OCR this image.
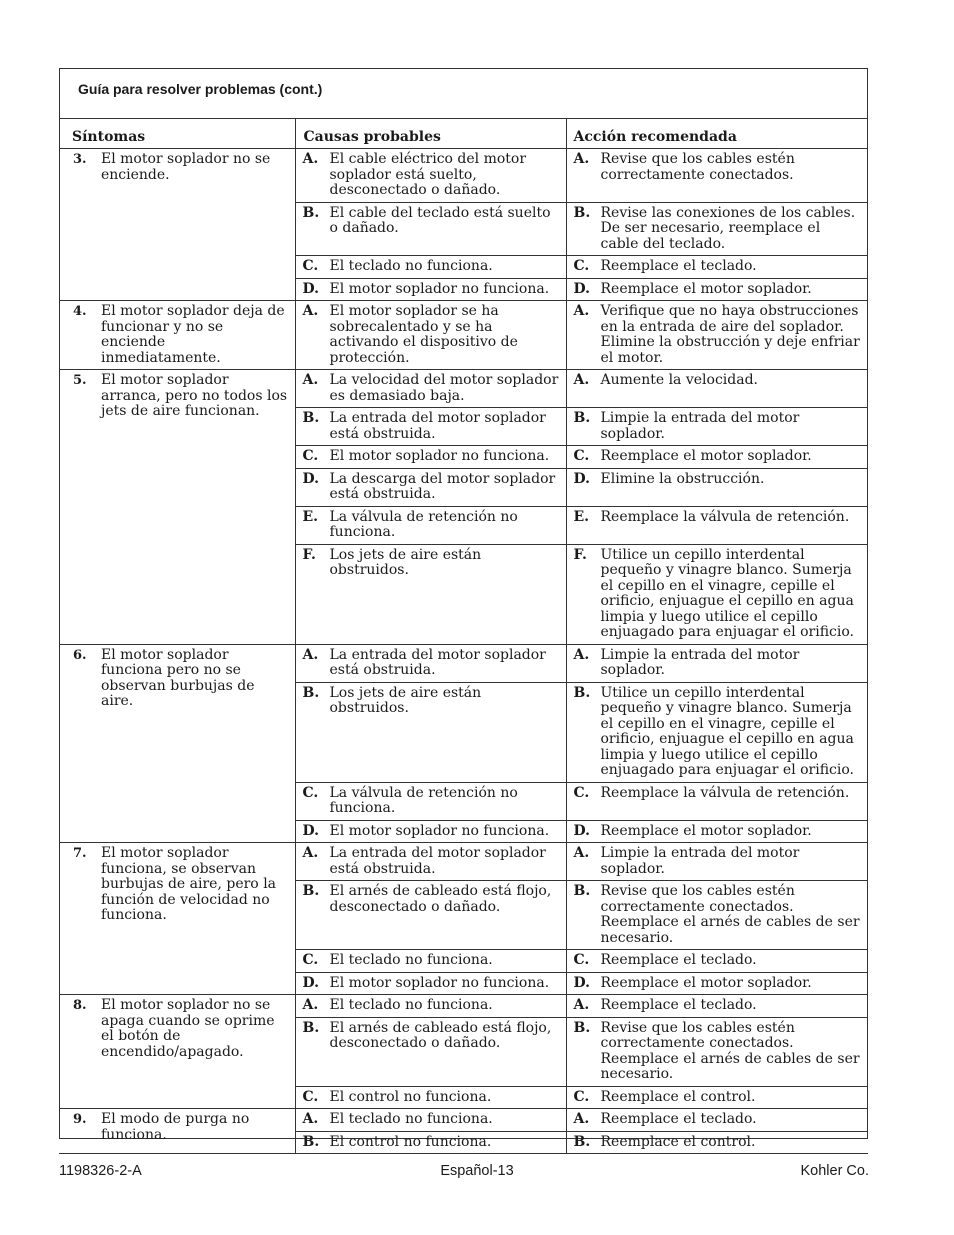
Guía para resolver problemas (cont.)
Síntomas	Causas probables	Acción recomendada

3. El motor soplador no se enciende.	A. El cable eléctrico del motor soplador está suelto, desconectado o dañado.	A. Revise que los cables estén correctamente conectados.

	B. El cable del teclado está suelto o dañado.	B. Revise las conexiones de los cables. De ser necesario, reemplace el cable del teclado.

	C. El teclado no funciona.	C. Reemplace el teclado.

	D. El motor soplador no funciona.	D. Reemplace el motor soplador.

4. El motor soplador deja de funcionar y no se enciende inmediatamente.	A. El motor soplador se ha sobrecalentado y se ha activando el dispositivo de protección.	A. Verifique que no haya obstrucciones en la entrada de aire del soplador. Elimine la obstrucción y deje enfriar el motor.

5. El motor soplador arranca, pero no todos los jets de aire funcionan.	A. La velocidad del motor soplador es demasiado baja.	A. Aumente la velocidad.

	B. La entrada del motor soplador está obstruida.	B. Limpie la entrada del motor soplador.

	C. El motor soplador no funciona.	C. Reemplace el motor soplador.

	D. La descarga del motor soplador está obstruida.	D. Elimine la obstrucción.

	E. La válvula de retención no funciona.	E. Reemplace la válvula de retención.

	F. Los jets de aire están obstruidos.	F. Utilice un cepillo interdental pequeño y vinagre blanco. Sumerja el cepillo en el vinagre, cepille el orificio, enjuague el cepillo en agua limpia y luego utilice el cepillo enjuagado para enjuagar el orificio.

6. El motor soplador funciona pero no se observan burbujas de aire.	A. La entrada del motor soplador está obstruida.	A. Limpie la entrada del motor soplador.

	B. Los jets de aire están obstruidos.	B. Utilice un cepillo interdental pequeño y vinagre blanco. Sumerja el cepillo en el vinagre, cepille el orificio, enjuague el cepillo en agua limpia y luego utilice el cepillo enjuagado para enjuagar el orificio.

	C. La válvula de retención no funciona.	C. Reemplace la válvula de retención.

	D. El motor soplador no funciona.	D. Reemplace el motor soplador.

7. El motor soplador funciona, se observan burbujas de aire, pero la función de velocidad no funciona.	A. La entrada del motor soplador está obstruida.	A. Limpie la entrada del motor soplador.

	B. El arnés de cableado está flojo, desconectado o dañado.	B. Revise que los cables estén correctamente conectados. Reemplace el arnés de cables de ser necesario.

	C. El teclado no funciona.	C. Reemplace el teclado.

	D. El motor soplador no funciona.	D. Reemplace el motor soplador.

8. El motor soplador no se apaga cuando se oprime el botón de encendido/apagado.	A. El teclado no funciona.	A. Reemplace el teclado.

	B. El arnés de cableado está flojo, desconectado o dañado.	B. Revise que los cables estén correctamente conectados. Reemplace el arnés de cables de ser necesario.

	C. El control no funciona.	C. Reemplace el control.

9. El modo de purga no funciona.	A. El teclado no funciona.	A. Reemplace el teclado.

	B. El control no funciona.	B. Reemplace el control.
1198326-2-A	Español-13	Kohler Co.
